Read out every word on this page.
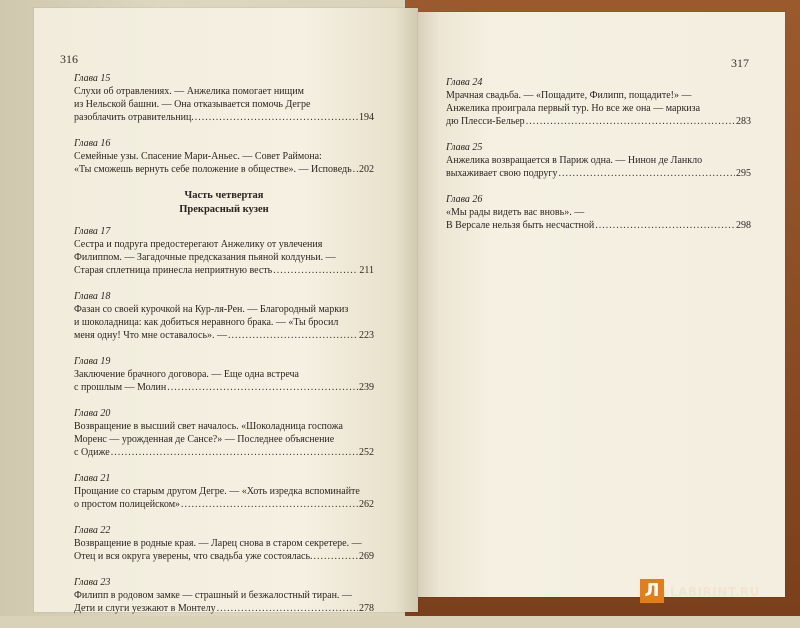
316
Глава 15
Слухи об отравлениях. — Анжелика помогает нищим
из Нельской башни. — Она отказывается помочь Дегре
разоблачить отравительниц. .....	194
Глава 16
Семейные узы. Спасение Мари-Аньес. — Совет Раймона:
«Ты сможешь вернуть себе положение в обществе». — Исповедь ..... 202
Часть четвертая
Прекрасный кузен
Глава 17
Сестра и подруга предостерегают Анжелику от увлечения
Филиппом. — Загадочные предсказания пьяной колдуньи. —
Старая сплетница принесла неприятную весть .....	211
Глава 18
Фазан со своей курочкой на Кур-ля-Рен. — Благородный маркиз
и шоколадница: как добиться неравного брака. — «Ты бросил
меня одну! Что мне оставалось». — .....	223
Глава 19
Заключение брачного договора. — Еще одна встреча
с прошлым — Молин .....	239
Глава 20
Возвращение в высший свет началось. «Шоколадница госпожа
Моренс — урожденная де Сансе?» — Последнее объяснение
с Одиже .....	252
Глава 21
Прощание со старым другом Дегре. — «Хоть изредка вспоминайте
о простом полицейском» .....	262
Глава 22
Возвращение в родные края. — Ларец снова в старом секретере. —
Отец и вся округа уверены, что свадьба уже состоялась. .....	269
Глава 23
Филипп в родовом замке — страшный и безжалостный тиран. —
Дети и слуги уезжают в Монтелу .....	278
317
Глава 24
Мрачная свадьба. — «Пощадите, Филипп, пощадите!» —
Анжелика проиграла первый тур. Но все же она — маркиза
дю Плесси-Бельер .....	283
Глава 25
Анжелика возвращается в Париж одна. — Нинон де Ланкло
выхаживает свою подругу .....	295
Глава 26
«Мы рады видеть вас вновь». —
В Версале нельзя быть несчастной .....	298
Л LABIRINT.RU
